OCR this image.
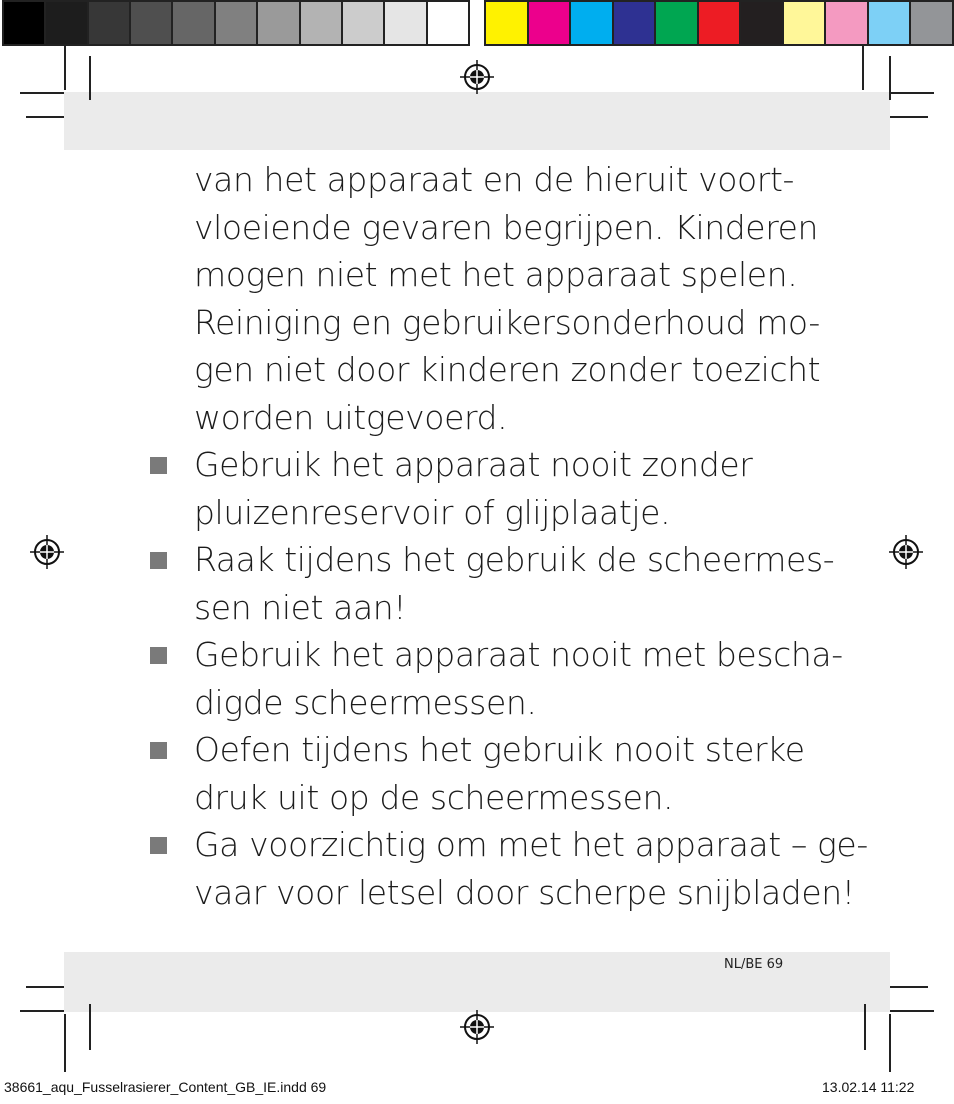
van het apparaat en de hieruit voort-
vloeiende gevaren begrijpen. Kinderen
mogen niet met het apparaat spelen.
Reiniging en gebruikersonderhoud mo-
gen niet door kinderen zonder toezicht
worden uitgevoerd.
Gebruik het apparaat nooit zonder
pluizenreservoir of glijplaatje.
Raak tijdens het gebruik de scheermes-
sen niet aan!
Gebruik het apparaat nooit met bescha-
digde scheermessen.
Oefen tijdens het gebruik nooit sterke
druk uit op de scheermessen.
Ga voorzichtig om met het apparaat – ge-
vaar voor letsel door scherpe snijbladen!
NL/BE 69
38661_aqu_Fusselrasierer_Content_GB_IE.indd 69	13.02.14 11:22
